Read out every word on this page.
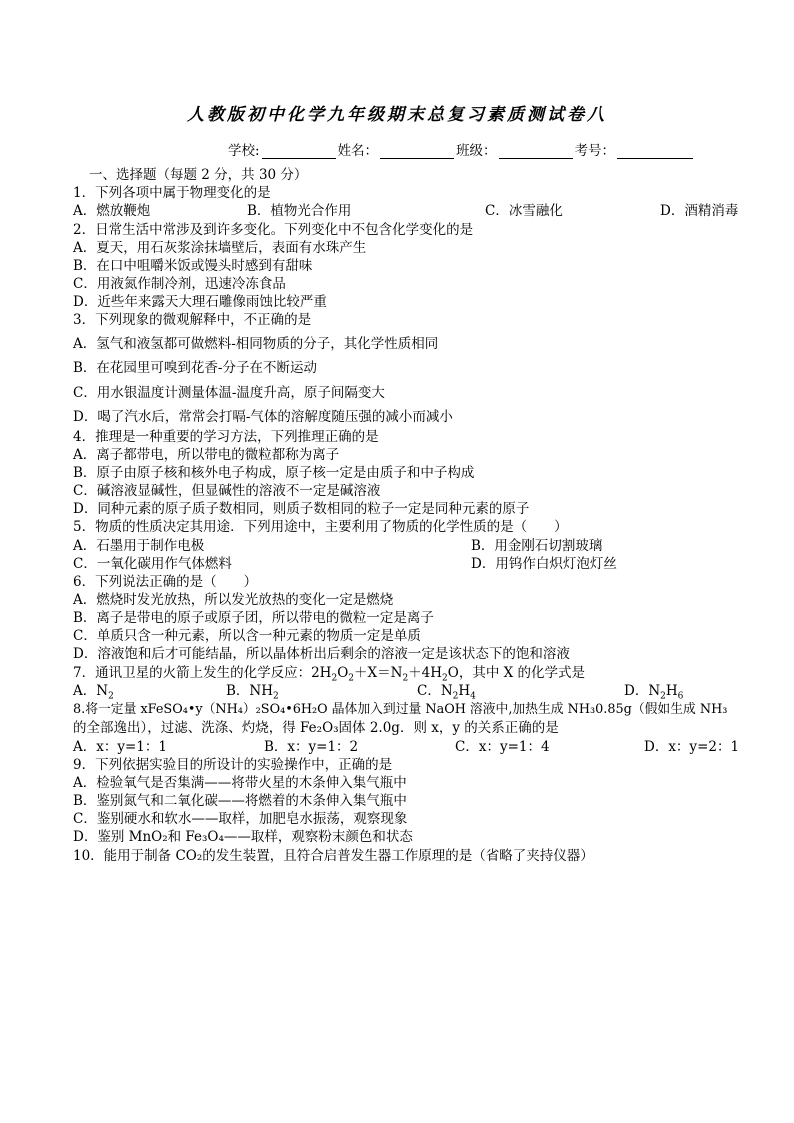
人教版初中化学九年级期末总复习素质测试卷八
学校:	姓名：	班级：	考号：
一、选择题（每题 2 分，共 30 分）
1．下列各项中属于物理变化的是
A．燃放鞭炮	B．植物光合作用	C．冰雪融化	D．酒精消毒
2．日常生活中常涉及到许多变化。下列变化中不包含化学变化的是
A．夏天，用石灰浆涂抹墙壁后，表面有水珠产生
B．在口中咀嚼米饭或馒头时感到有甜味
C．用液氮作制冷剂，迅速冷冻食品
D．近些年来露天大理石雕像雨蚀比较严重
3．下列现象的微观解释中，不正确的是
A．氢气和液氢都可做燃料-相同物质的分子，其化学性质相同
B．在花园里可嗅到花香-分子在不断运动
C．用水银温度计测量体温-温度升高，原子间隔变大
D．喝了汽水后，常常会打嗝-气体的溶解度随压强的减小而减小
4．推理是一种重要的学习方法，下列推理正确的是
A．离子都带电，所以带电的微粒都称为离子
B．原子由原子核和核外电子构成，原子核一定是由质子和中子构成
C．碱溶液显碱性，但显碱性的溶液不一定是碱溶液
D．同种元素的原子质子数相同，则质子数相同的粒子一定是同种元素的原子
5．物质的性质决定其用途．下列用途中，主要利用了物质的化学性质的是（　　）
A．石墨用于制作电极	B．用金刚石切割玻璃
C．一氧化碳用作气体燃料	D．用钨作白炽灯泡灯丝
6．下列说法正确的是（　　）
A．燃烧时发光放热，所以发光放热的变化一定是燃烧
B．离子是带电的原子或原子团，所以带电的微粒一定是离子
C．单质只含一种元素，所以含一种元素的物质一定是单质
D．溶液饱和后才可能结晶，所以晶体析出后剩余的溶液一定是该状态下的饱和溶液
7．通讯卫星的火箭上发生的化学反应：$2H_2O_2+X=N_2+4H_2O$，其中 X 的化学式是
A．$N_2$	B．$NH_2$	C．$N_2H_4$	D．$N_2H_6$
8.将一定量 xFeSO₄•y（NH₄）₂SO₄•6H₂O 晶体加入到过量 NaOH 溶液中,加热生成 NH₃0.85g（假如生成 NH₃
的全部逸出），过滤、洗涤、灼烧，得 Fe₂O₃固体 2.0g．则 x，y 的关系正确的是
A．x：y=1：1	B．x：y=1：2	C．x：y=1：4	D．x：y=2：1
9．下列依据实验目的所设计的实验操作中，正确的是
A．检验氧气是否集满——将带火星的木条伸入集气瓶中
B．鉴别氮气和二氧化碳——将燃着的木条伸入集气瓶中
C．鉴别硬水和软水——取样，加肥皂水振荡，观察现象
D．鉴别 MnO₂和 Fe₃O₄——取样，观察粉末颜色和状态
10．能用于制备 CO₂的发生装置，且符合启普发生器工作原理的是（省略了夹持仪器）
